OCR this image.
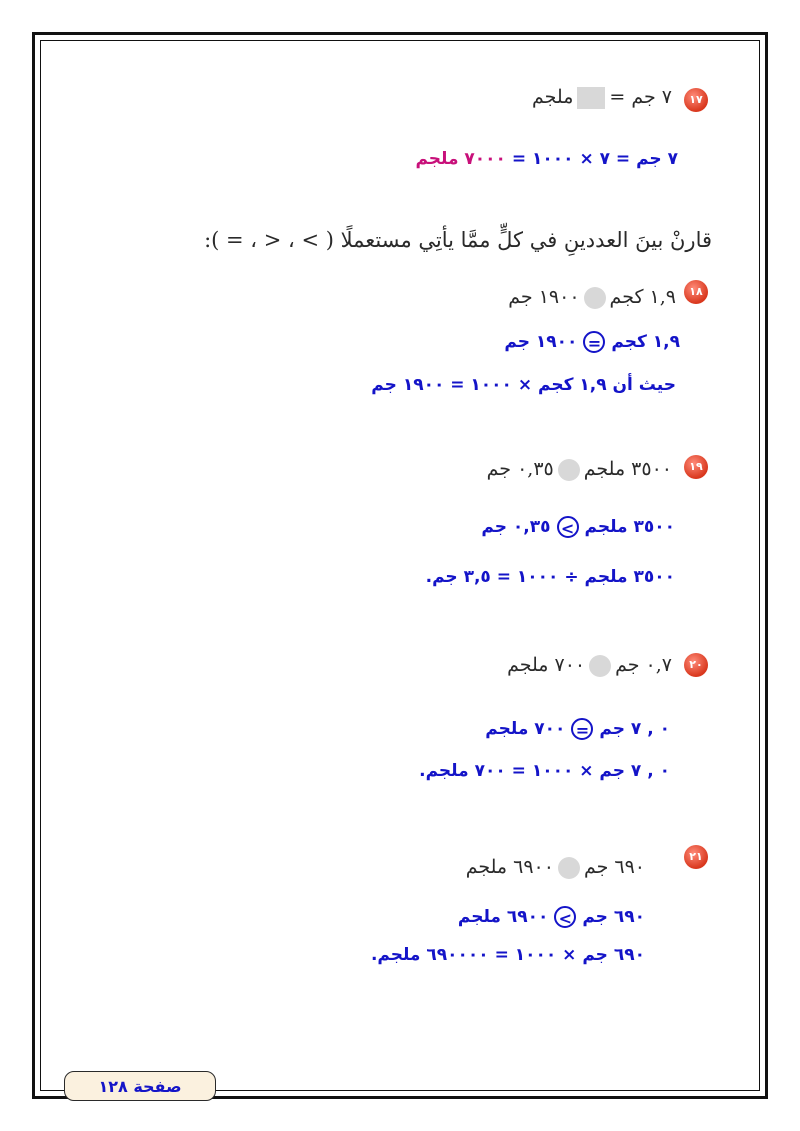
١٧
٧ جم =ملجم
٧ جم = ٧ × ١٠٠٠ = ٧٠٠٠ ملجم
قارنْ بينَ العددينِ في كلٍّ ممَّا يأتِي مستعملًا ( > ، < ، = ):
١٨
١,٩ كجم١٩٠٠ جم
١,٩ كجم=١٩٠٠ جم
حيث أن ١,٩ كجم × ١٠٠٠ = ١٩٠٠ جم
١٩
٣٥٠٠ ملجم٠,٣٥ جم
٣٥٠٠ ملجم>٠,٣٥ جم
٣٥٠٠ ملجم ÷ ١٠٠٠ = ٣,٥ جم.
٢٠
٠,٧ جم٧٠٠ ملجم
٠ , ٧ جم=٧٠٠ ملجم
٠ , ٧ جم × ١٠٠٠ = ٧٠٠ ملجم.
٢١
٦٩٠ جم٦٩٠٠ ملجم
٦٩٠ جم>٦٩٠٠ ملجم
٦٩٠ جم × ١٠٠٠ = ٦٩٠٠٠٠ ملجم.
صفحة ١٢٨
